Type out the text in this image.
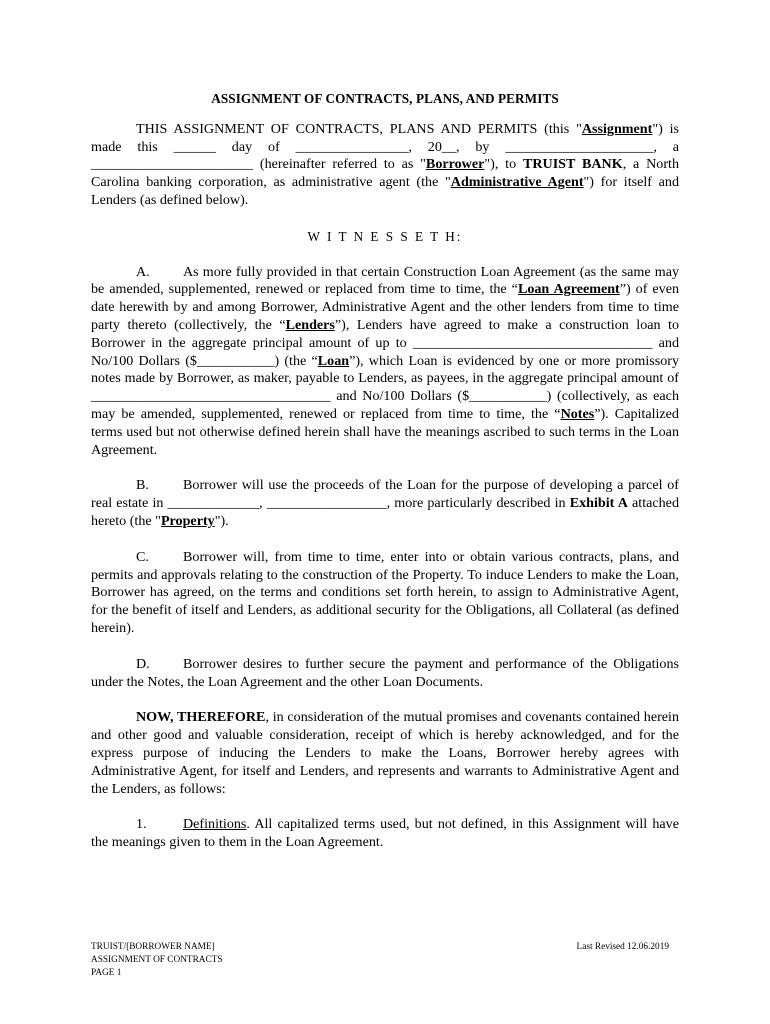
ASSIGNMENT OF CONTRACTS, PLANS, AND PERMITS

THIS ASSIGNMENT OF CONTRACTS, PLANS AND PERMITS (this "Assignment") is made this ______ day of ________________, 20__, by _____________________, a _______________________ (hereinafter referred to as "Borrower"), to TRUIST BANK, a North Carolina banking corporation, as administrative agent (the "Administrative Agent") for itself and Lenders (as defined below).

W I T N E S S E T H:

A. As more fully provided in that certain Construction Loan Agreement (as the same may be amended, supplemented, renewed or replaced from time to time, the “Loan Agreement”) of even date herewith by and among Borrower, Administrative Agent and the other lenders from time to time party thereto (collectively, the “Lenders”), Lenders have agreed to make a construction loan to Borrower in the aggregate principal amount of up to __________________________________ and No/100 Dollars ($___________) (the “Loan”), which Loan is evidenced by one or more promissory notes made by Borrower, as maker, payable to Lenders, as payees, in the aggregate principal amount of __________________________________ and No/100 Dollars ($___________) (collectively, as each may be amended, supplemented, renewed or replaced from time to time, the “Notes”). Capitalized terms used but not otherwise defined herein shall have the meanings ascribed to such terms in the Loan Agreement.

B. Borrower will use the proceeds of the Loan for the purpose of developing a parcel of real estate in _____________, _________________, more particularly described in Exhibit A attached hereto (the "Property").

C. Borrower will, from time to time, enter into or obtain various contracts, plans, and permits and approvals relating to the construction of the Property. To induce Lenders to make the Loan, Borrower has agreed, on the terms and conditions set forth herein, to assign to Administrative Agent, for the benefit of itself and Lenders, as additional security for the Obligations, all Collateral (as defined herein).

D. Borrower desires to further secure the payment and performance of the Obligations under the Notes, the Loan Agreement and the other Loan Documents.

NOW, THEREFORE, in consideration of the mutual promises and covenants contained herein and other good and valuable consideration, receipt of which is hereby acknowledged, and for the express purpose of inducing the Lenders to make the Loans, Borrower hereby agrees with Administrative Agent, for itself and Lenders, and represents and warrants to Administrative Agent and the Lenders, as follows:

1.	Definitions. All capitalized terms used, but not defined, in this Assignment will have the meanings given to them in the Loan Agreement.

TRUIST/[BORROWER NAME]
ASSIGNMENT OF CONTRACTS
PAGE 1
Last Revised 12.06.2019
